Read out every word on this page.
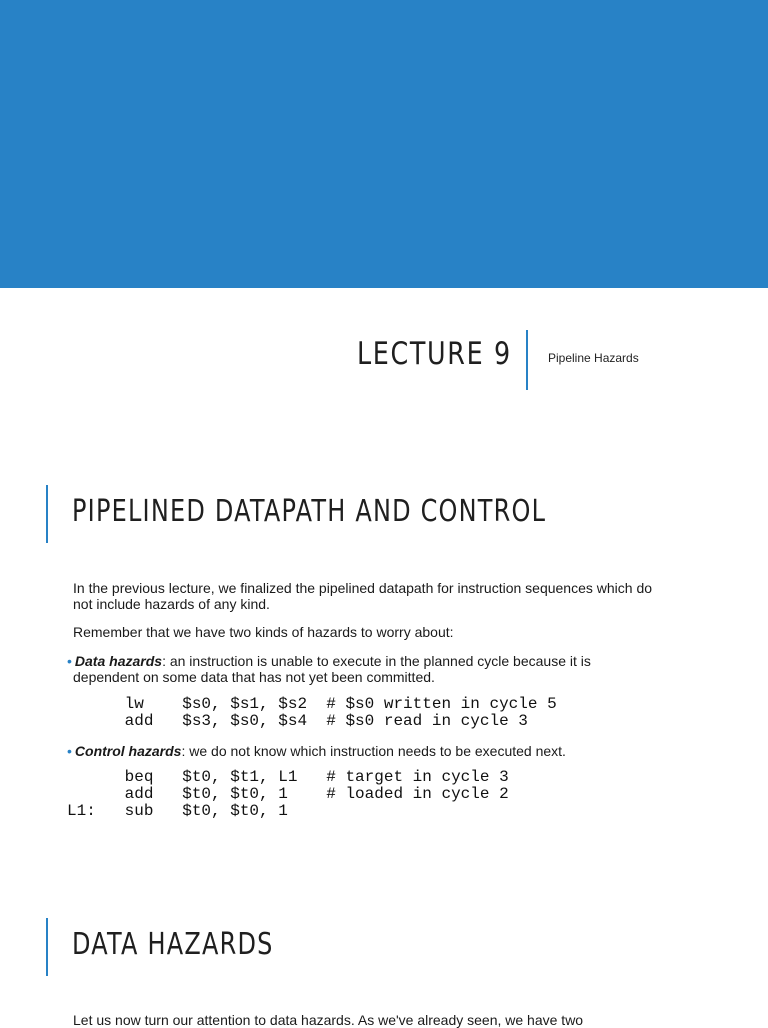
LECTURE 9	Pipeline Hazards
PIPELINED DATAPATH AND CONTROL
In the previous lecture, we finalized the pipelined datapath for instruction sequences which do not include hazards of any kind.
Remember that we have two kinds of hazards to worry about:
• Data hazards: an instruction is unable to execute in the planned cycle because it is
dependent on some data that has not yet been committed.
lw    $s0, $s1, $s2  # $s0 written in cycle 5
add   $s3, $s0, $s4  # $s0 read in cycle 3
• Control hazards: we do not know which instruction needs to be executed next.
beq   $t0, $t1, L1   # target in cycle 3
add   $t0, $t0, 1    # loaded in cycle 2
L1:   sub   $t0, $t0, 1
DATA HAZARDS
Let us now turn our attention to data hazards. As we've already seen, we have two
